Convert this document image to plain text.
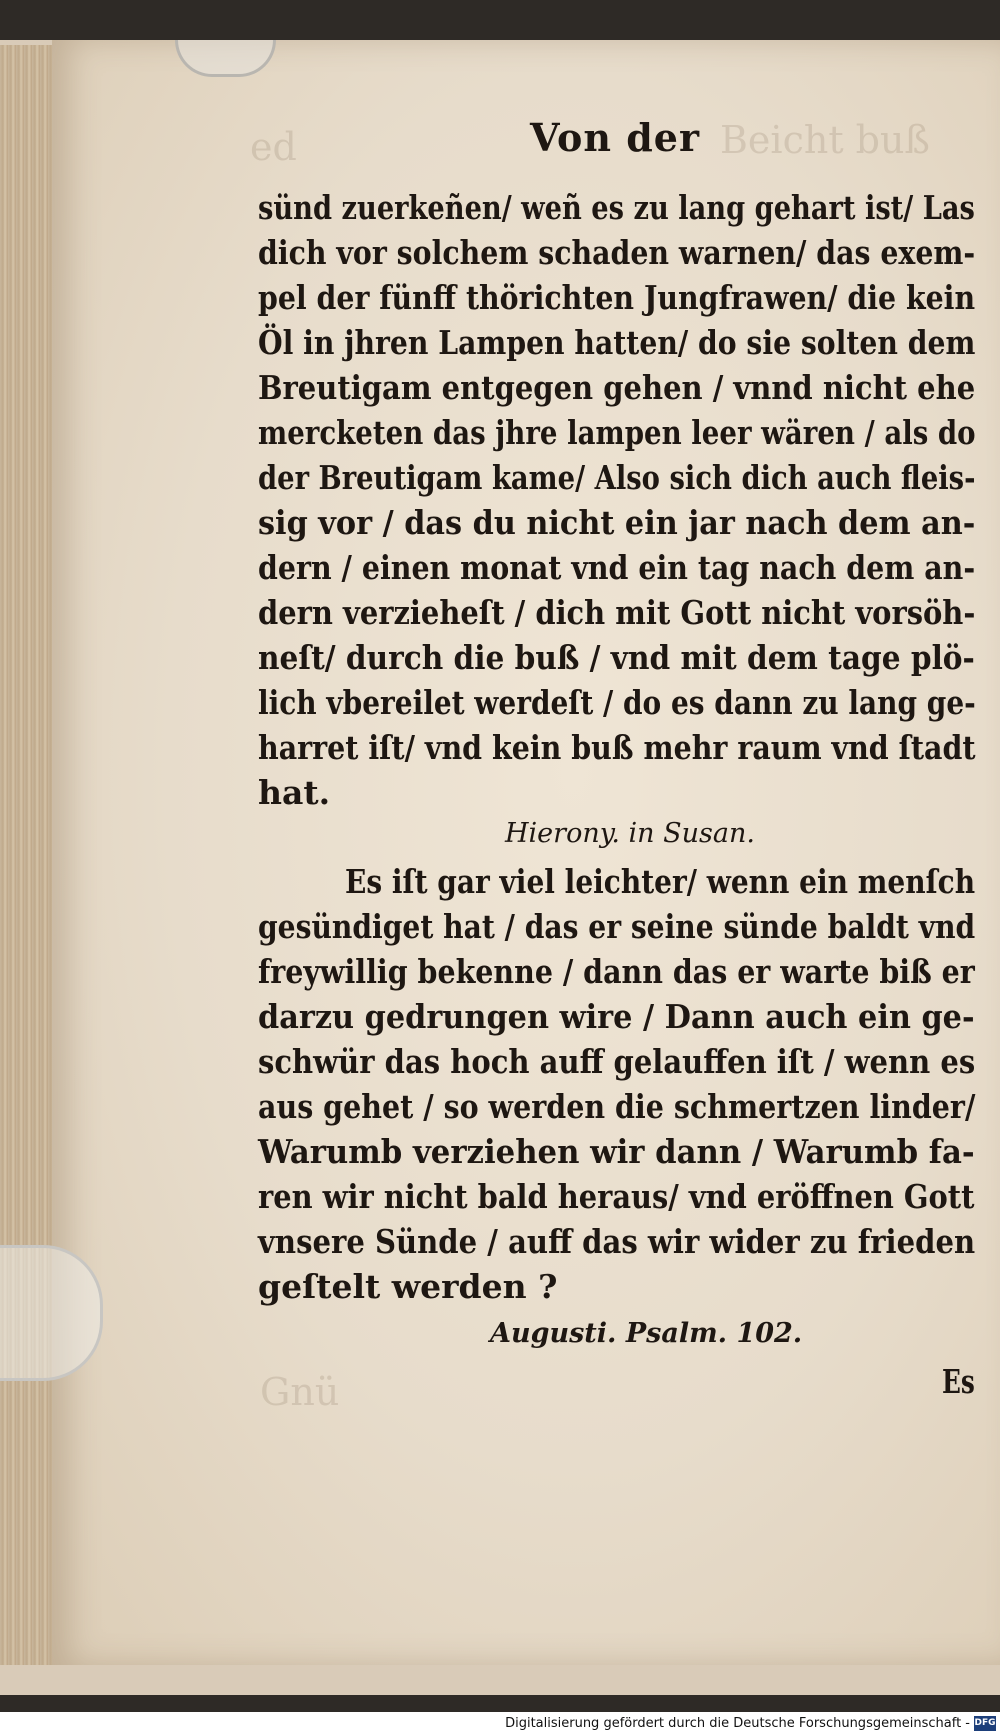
ed	Beicht buß
Gnü
Von der
sünd zuerkeñen/ weñ es zu lang gehart ist/ Las
dich vor solchem schaden warnen/ das exem-
pel der fünff thörichten Jungfrawen/ die kein
Öl in jhren Lampen hatten/ do sie solten dem
Breutigam entgegen gehen / vnnd nicht ehe
mercketen das jhre lampen leer wären / als do
der Breutigam kame/ Also sich dich auch fleis-
sig vor / das du nicht ein jar nach dem an-
dern / einen monat vnd ein tag nach dem an-
dern verzieheſt / dich mit Gott nicht vorsöh-
neſt/ durch die buß / vnd mit dem tage plö-
lich vbereilet werdeſt / do es dann zu lang ge-
harret iſt/ vnd kein buß mehr raum vnd ſtadt
hat.
Hierony. in Susan.
Es iſt gar viel leichter/ wenn ein menſch
gesündiget hat / das er seine sünde baldt vnd
freywillig bekenne / dann das er warte biß er
darzu gedrungen wire / Dann auch ein ge-
schwür das hoch auff gelauffen iſt / wenn es
aus gehet / so werden die schmertzen linder/
Warumb verziehen wir dann / Warumb fa-
ren wir nicht bald heraus/ vnd eröffnen Gott
vnsere Sünde / auff das wir wider zu frieden
geſtelt werden ?
Augusti. Psalm. 102.
Es
Digitalisierung gefördert durch die Deutsche Forschungsgemeinschaft - DFG
